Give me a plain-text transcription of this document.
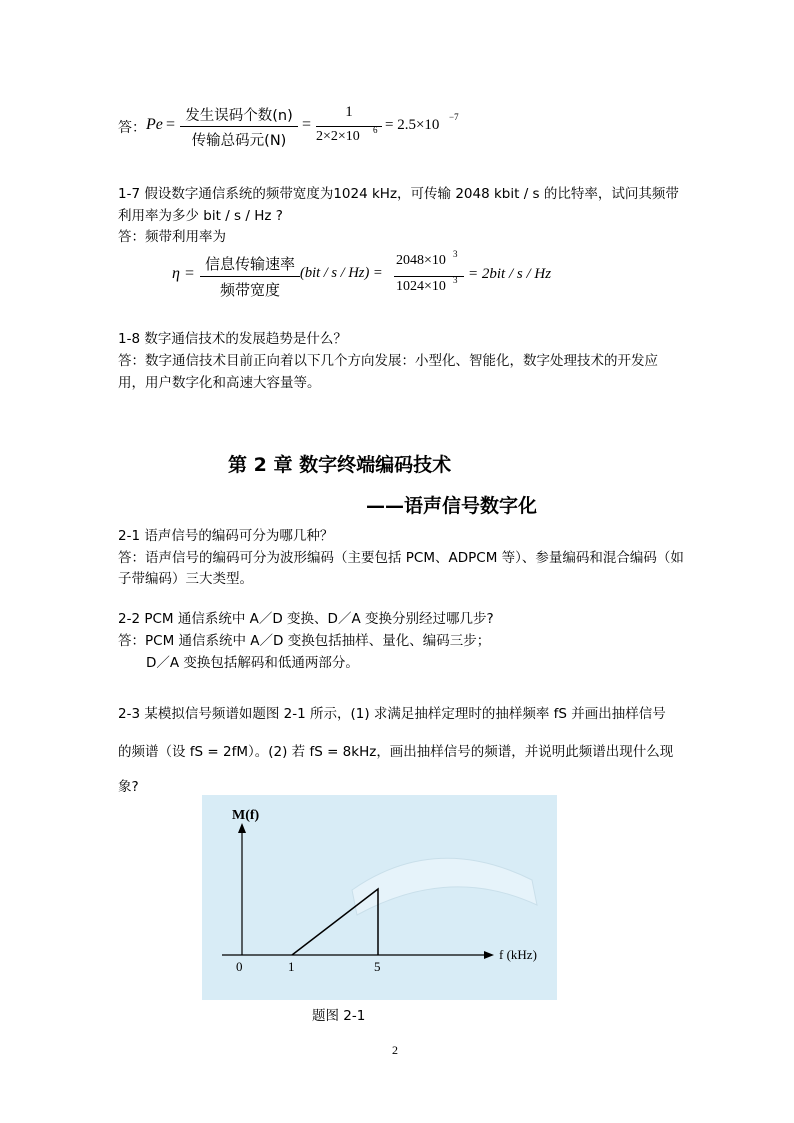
答： Pe = 发生误码个数(n)
传输总码元(N)
=
1
2×2×10 6 = 2.5×10 −7
1-7 假设数字通信系统的频带宽度为1024 kHz，可传输 2048 kbit / s 的比特率，试问其频带
利用率为多少 bit / s / Hz ?
答：频带利用率为
η =
信息传输速率
频带宽度
(bit / s / Hz) =
2048×10 3
1024×10 3 = 2bit / s / Hz
1-8 数字通信技术的发展趋势是什么？
答：数字通信技术目前正向着以下几个方向发展：小型化、智能化，数字处理技术的开发应
用，用户数字化和高速大容量等。
第 2 章 数字终端编码技术
——语声信号数字化
2-1 语声信号的编码可分为哪几种？
答：语声信号的编码可分为波形编码（主要包括 PCM、ADPCM 等）、参量编码和混合编码（如
子带编码）三大类型。
2-2 PCM 通信系统中 A／D 变换、D／A 变换分别经过哪几步?
答：PCM 通信系统中 A／D 变换包括抽样、量化、编码三步；
D／A 变换包括解码和低通两部分。
2-3 某模拟信号频谱如题图 2-1 所示，(1) 求满足抽样定理时的抽样频率 fS 并画出抽样信号
的频谱（设 fS = 2fM）。(2) 若 fS = 8kHz，画出抽样信号的频谱，并说明此频谱出现什么现
象?
M(f)
f (kHz)
0	1	5
题图 2-1
2
